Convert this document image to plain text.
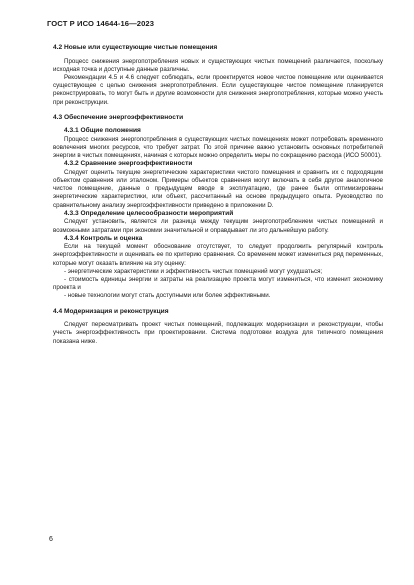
ГОСТ Р ИСО 14644-16—2023
4.2 Новые или существующие чистые помещения

Процесс снижения энергопотребления новых и существующих чистых помещений различается, поскольку исходная точка и доступные данные различны.

Рекомендации 4.5 и 4.6 следует соблюдать, если проектируется новое чистое помещение или оценивается существующее с целью снижения энергопотребления. Если существующее чистое помещение планируется реконструировать, то могут быть и другие возможности для снижения энергопотребления, которые можно учесть при реконструкции.

4.3 Обеспечение энергоэффективности
4.3.1 Общие положения

Процесс снижения энергопотребления в существующих чистых помещениях может потребовать временного вовлечения многих ресурсов, что требует затрат. По этой причине важно установить основных потребителей энергии в чистых помещениях, начиная с которых можно определить меры по сокращению расхода (ИСО 50001).

4.3.2 Сравнение энергоэффективности

Следует оценить текущие энергетические характеристики чистого помещения и сравнить их с подходящим объектом сравнения или эталоном. Примеры объектов сравнения могут включать в себя другое аналогичное чистое помещение, данные о предыдущем вводе в эксплуатацию, где ранее были оптимизированы энергетические характеристики, или объект, рассчитанный на основе предыдущего опыта. Руководство по сравнительному анализу энергоэффективности приведено в приложении D.

4.3.3 Определение целесообразности мероприятий

Следует установить, является ли разница между текущим энергопотреблением чистых помещений и возможными затратами при экономии значительной и оправдывает ли это дальнейшую работу.

4.3.4 Контроль и оценка

Если на текущей момент обоснование отсутствует, то следует продолжить регулярный контроль энергоэффективности и оценивать ее по критерию сравнения. Со временем может измениться ряд переменных, которые могут оказать влияние на эту оценку:

- энергетические характеристики и эффективность чистых помещений могут ухудшаться;

- стоимость единицы энергии и затраты на реализацию проекта могут измениться, что изменит экономику проекта и

- новые технологии могут стать доступными или более эффективными.

4.4 Модернизация и реконструкция

Следует пересматривать проект чистых помещений, подлежащих модернизации и реконструкции, чтобы учесть энергоэффективность при проектировании. Система подготовки воздуха для типичного помещения показана ниже.

6
